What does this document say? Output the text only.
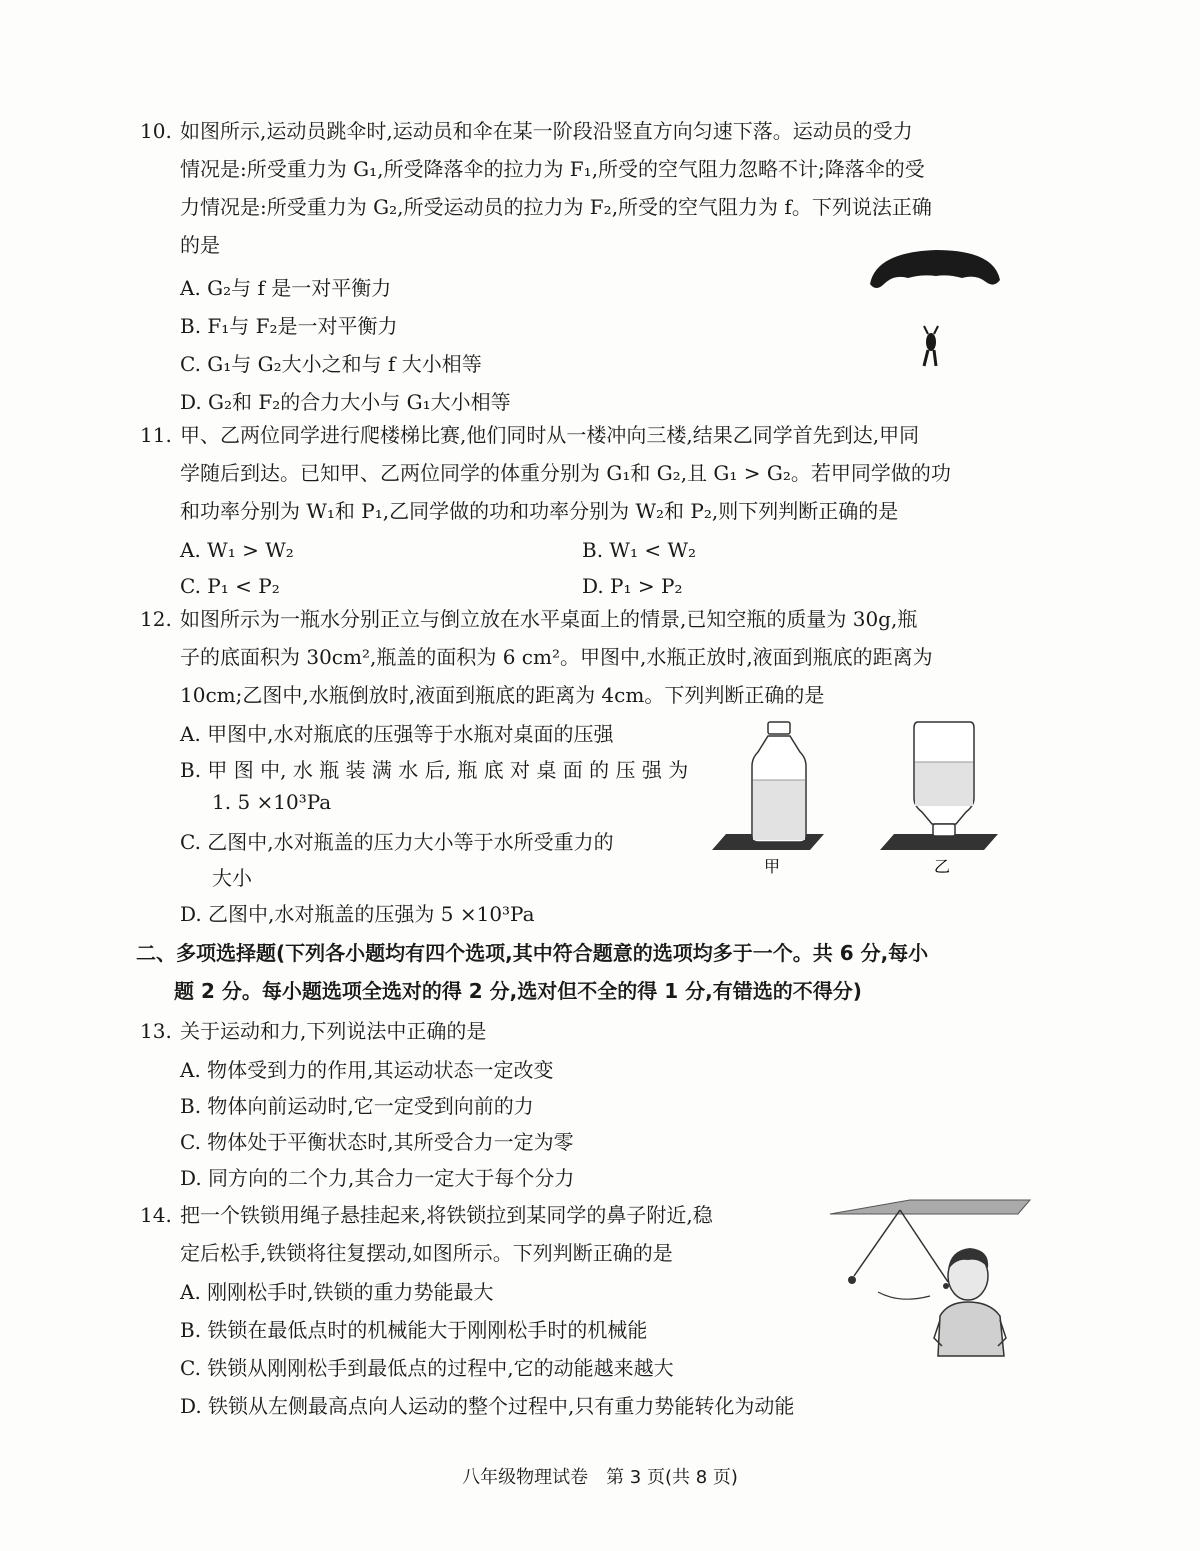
10. 如图所示,运动员跳伞时,运动员和伞在某一阶段沿竖直方向匀速下落。运动员的受力
情况是:所受重力为 G₁,所受降落伞的拉力为 F₁,所受的空气阻力忽略不计;降落伞的受
力情况是:所受重力为 G₂,所受运动员的拉力为 F₂,所受的空气阻力为 f。下列说法正确
的是
A. G₂与 f 是一对平衡力
B. F₁与 F₂是一对平衡力
C. G₁与 G₂大小之和与 f 大小相等
D. G₂和 F₂的合力大小与 G₁大小相等
11. 甲、乙两位同学进行爬楼梯比赛,他们同时从一楼冲向三楼,结果乙同学首先到达,甲同
学随后到达。已知甲、乙两位同学的体重分别为 G₁和 G₂,且 G₁ > G₂。若甲同学做的功
和功率分别为 W₁和 P₁,乙同学做的功和功率分别为 W₂和 P₂,则下列判断正确的是
A. W₁ > W₂	B. W₁ < W₂
C. P₁ < P₂	D. P₁ > P₂
12. 如图所示为一瓶水分别正立与倒立放在水平桌面上的情景,已知空瓶的质量为 30g,瓶
子的底面积为 30cm²,瓶盖的面积为 6 cm²。甲图中,水瓶正放时,液面到瓶底的距离为
10cm;乙图中,水瓶倒放时,液面到瓶底的距离为 4cm。下列判断正确的是
A. 甲图中,水对瓶底的压强等于水瓶对桌面的压强
B. 甲 图 中, 水 瓶 装 满 水 后, 瓶 底 对 桌 面 的 压 强 为
1. 5 ×10³Pa
C. 乙图中,水对瓶盖的压力大小等于水所受重力的
大小
D. 乙图中,水对瓶盖的压强为 5 ×10³Pa
甲	乙
二、多项选择题(下列各小题均有四个选项,其中符合题意的选项均多于一个。共 6 分,每小
题 2 分。每小题选项全选对的得 2 分,选对但不全的得 1 分,有错选的不得分)
13. 关于运动和力,下列说法中正确的是
A. 物体受到力的作用,其运动状态一定改变
B. 物体向前运动时,它一定受到向前的力
C. 物体处于平衡状态时,其所受合力一定为零
D. 同方向的二个力,其合力一定大于每个分力
14. 把一个铁锁用绳子悬挂起来,将铁锁拉到某同学的鼻子附近,稳
定后松手,铁锁将往复摆动,如图所示。下列判断正确的是
A. 刚刚松手时,铁锁的重力势能最大
B. 铁锁在最低点时的机械能大于刚刚松手时的机械能
C. 铁锁从刚刚松手到最低点的过程中,它的动能越来越大
D. 铁锁从左侧最高点向人运动的整个过程中,只有重力势能转化为动能
八年级物理试卷　第 3 页(共 8 页)
